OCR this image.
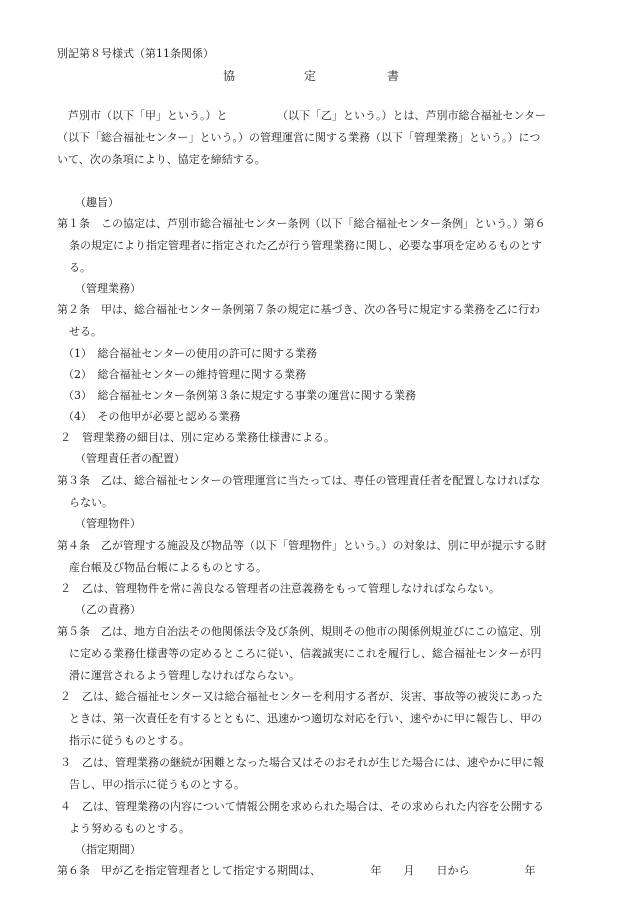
別記第８号様式（第11条関係）
協	定	書
　芦別市（以下「甲」という。）と　　　　　（以下「乙」という。）とは、芦別市総合福祉センター
（以下「総合福祉センター」という。）の管理運営に関する業務（以下「管理業務」という。）につ
いて、次の条項により、協定を締結する。
（趣旨）
第１条　この協定は、芦別市総合福祉センター条例（以下「総合福祉センター条例」という。）第６
条の規定により指定管理者に指定された乙が行う管理業務に関し、必要な事項を定めるものとす
る。
（管理業務）
第２条　甲は、総合福祉センター条例第７条の規定に基づき、次の各号に規定する業務を乙に行わ
せる。
（1）　総合福祉センターの使用の許可に関する業務
（2）　総合福祉センターの維持管理に関する業務
（3）　総合福祉センター条例第３条に規定する事業の運営に関する業務
（4）　その他甲が必要と認める業務
２　管理業務の細目は、別に定める業務仕様書による。
（管理責任者の配置）
第３条　乙は、総合福祉センターの管理運営に当たっては、専任の管理責任者を配置しなければな
らない。
（管理物件）
第４条　乙が管理する施設及び物品等（以下「管理物件」という。）の対象は、別に甲が提示する財
産台帳及び物品台帳によるものとする。
２　乙は、管理物件を常に善良なる管理者の注意義務をもって管理しなければならない。
（乙の責務）
第５条　乙は、地方自治法その他関係法令及び条例、規則その他市の関係例規並びにこの協定、別
に定める業務仕様書等の定めるところに従い、信義誠実にこれを履行し、総合福祉センターが円
滑に運営されるよう管理しなければならない。
２　乙は、総合福祉センター又は総合福祉センターを利用する者が、災害、事故等の被災にあった
ときは、第一次責任を有するとともに、迅速かつ適切な対応を行い、速やかに甲に報告し、甲の
指示に従うものとする。
３　乙は、管理業務の継続が困難となった場合又はそのおそれが生じた場合には、速やかに甲に報
告し、甲の指示に従うものとする。
４　乙は、管理業務の内容について情報公開を求められた場合は、その求められた内容を公開する
よう努めるものとする。
（指定期間）
第６条　甲が乙を指定管理者として指定する期間は、　　　　　年　　月　　日から　　　　　年
